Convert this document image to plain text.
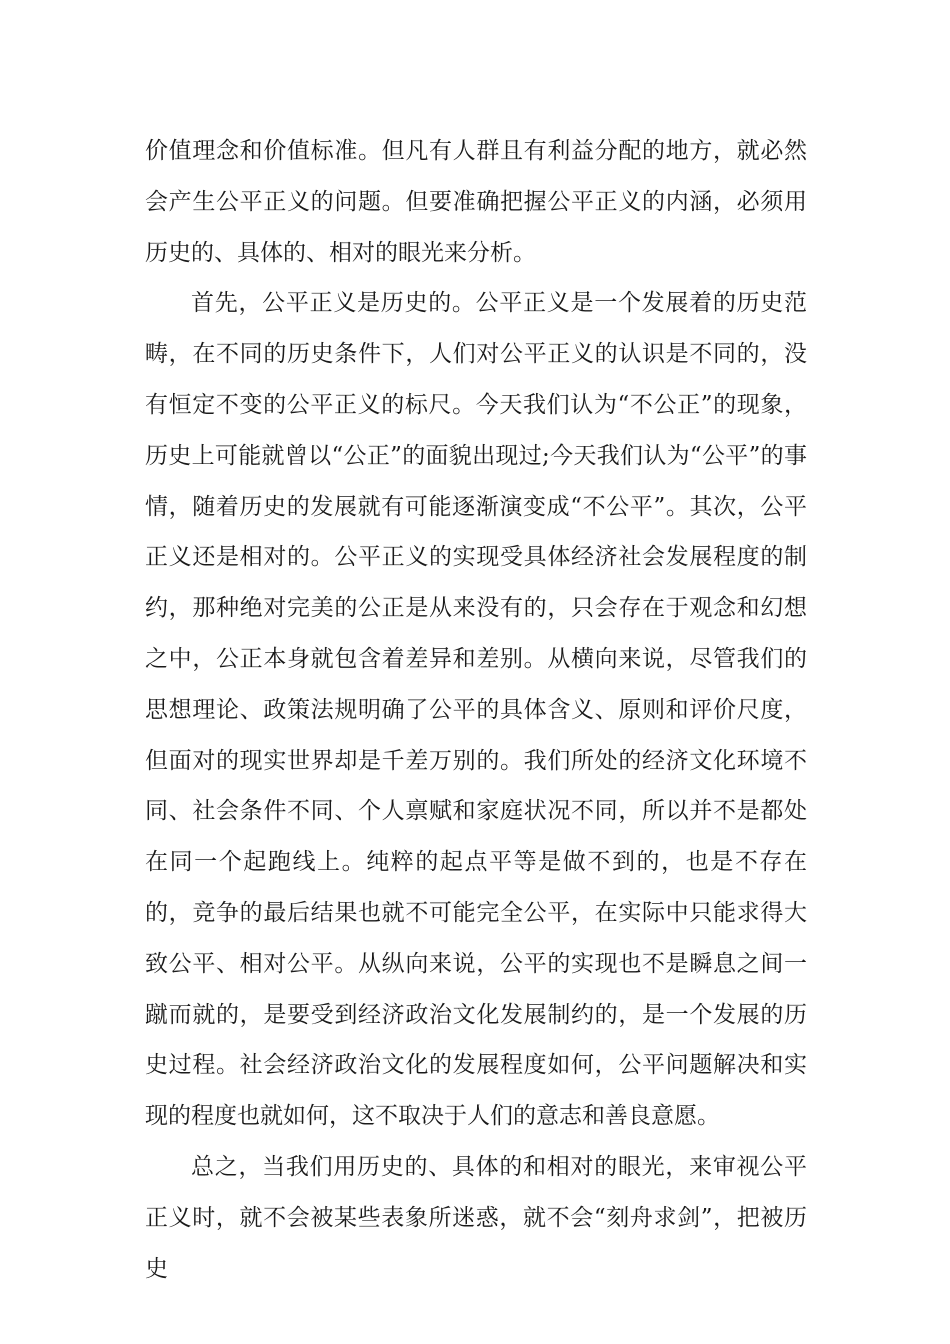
价值理念和价值标准。但凡有人群且有利益分配的地方，就必然会产生公平正义的问题。但要准确把握公平正义的内涵，必须用历史的、具体的、相对的眼光来分析。

首先，公平正义是历史的。公平正义是一个发展着的历史范畴，在不同的历史条件下，人们对公平正义的认识是不同的，没有恒定不变的公平正义的标尺。今天我们认为“不公正”的现象，历史上可能就曾以“公正”的面貌出现过;今天我们认为“公平”的事情，随着历史的发展就有可能逐渐演变成“不公平”。其次，公平正义还是相对的。公平正义的实现受具体经济社会发展程度的制约，那种绝对完美的公正是从来没有的，只会存在于观念和幻想之中，公正本身就包含着差异和差别。从横向来说，尽管我们的思想理论、政策法规明确了公平的具体含义、原则和评价尺度，但面对的现实世界却是千差万别的。我们所处的经济文化环境不同、社会条件不同、个人禀赋和家庭状况不同，所以并不是都处在同一个起跑线上。纯粹的起点平等是做不到的，也是不存在的，竞争的最后结果也就不可能完全公平，在实际中只能求得大致公平、相对公平。从纵向来说，公平的实现也不是瞬息之间一蹴而就的，是要受到经济政治文化发展制约的，是一个发展的历史过程。社会经济政治文化的发展程度如何，公平问题解决和实现的程度也就如何，这不取决于人们的意志和善良意愿。

总之，当我们用历史的、具体的和相对的眼光，来审视公平正义时，就不会被某些表象所迷惑，就不会“刻舟求剑”，把被历史
